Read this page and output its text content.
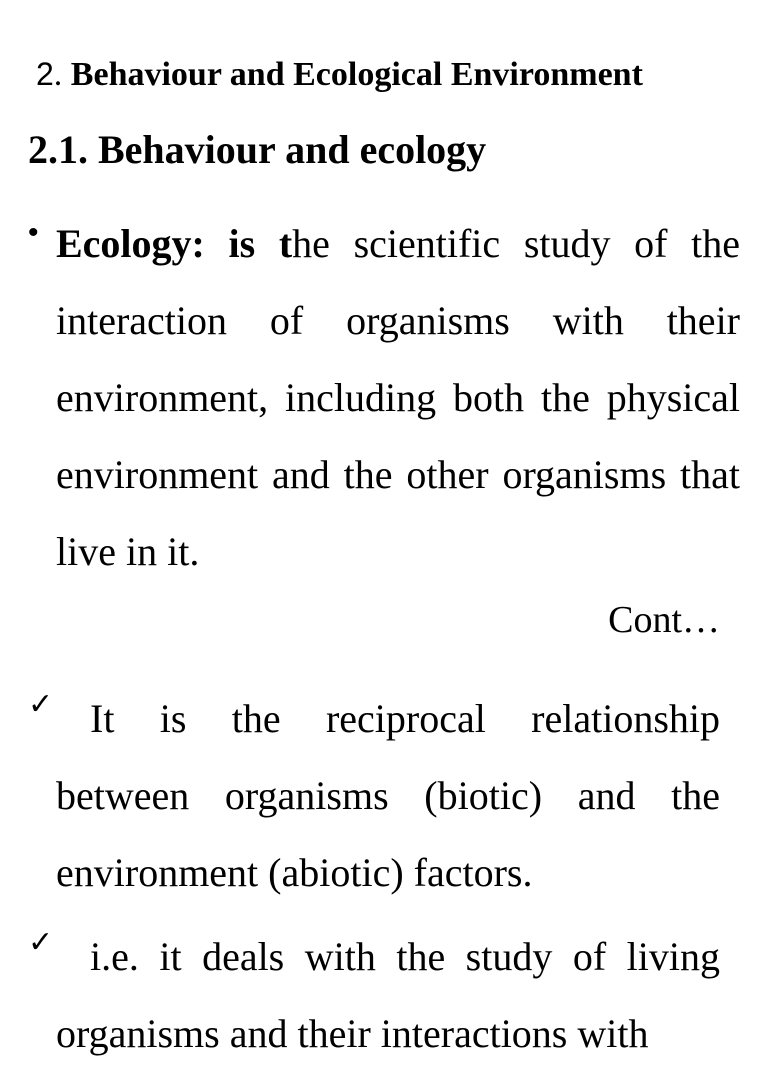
2. Behaviour and Ecological Environment
2.1. Behaviour and ecology
• Ecology: is the scientific study of the interaction of organisms with their environment, including both the physical environment and the other organisms that live in it.

Cont…
✓ It is the reciprocal relationship between organisms (biotic) and the environment (abiotic) factors.

✓ i.e. it deals with the study of living organisms and their interactions with
